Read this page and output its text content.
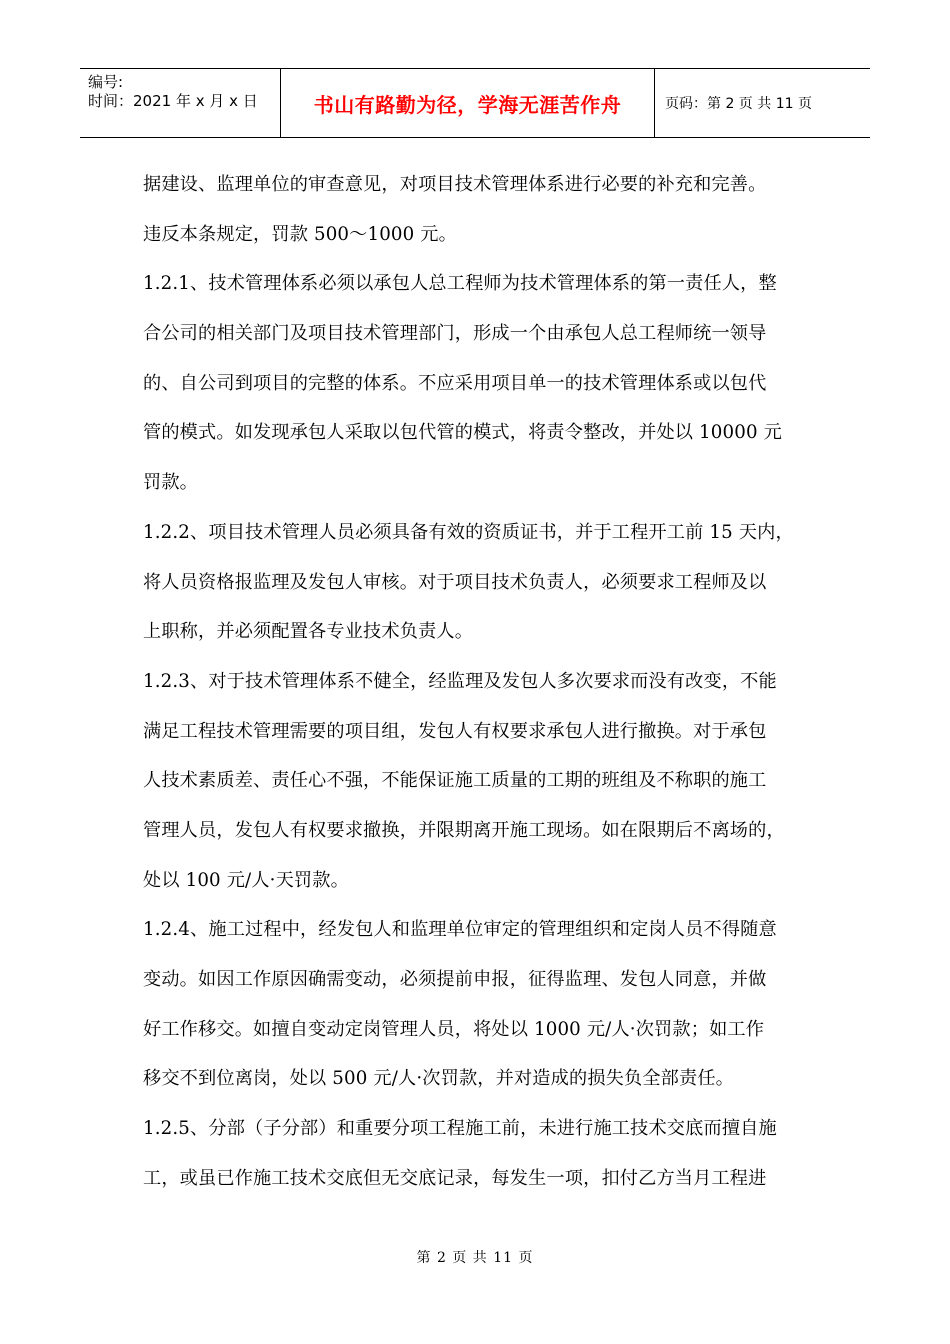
编号:
时间：2021 年 x 月 x 日	书山有路勤为径，学海无涯苦作舟	页码：第 2 页 共 11 页
据建设、监理单位的审查意见，对项目技术管理体系进行必要的补充和完善。
违反本条规定，罚款 500～1000 元。
1.2.1、技术管理体系必须以承包人总工程师为技术管理体系的第一责任人，整
合公司的相关部门及项目技术管理部门，形成一个由承包人总工程师统一领导
的、自公司到项目的完整的体系。不应采用项目单一的技术管理体系或以包代
管的模式。如发现承包人采取以包代管的模式，将责令整改，并处以 10000 元
罚款。
1.2.2、项目技术管理人员必须具备有效的资质证书，并于工程开工前 15 天内，
将人员资格报监理及发包人审核。对于项目技术负责人，必须要求工程师及以
上职称，并必须配置各专业技术负责人。
1.2.3、对于技术管理体系不健全，经监理及发包人多次要求而没有改变，不能
满足工程技术管理需要的项目组，发包人有权要求承包人进行撤换。对于承包
人技术素质差、责任心不强，不能保证施工质量的工期的班组及不称职的施工
管理人员，发包人有权要求撤换，并限期离开施工现场。如在限期后不离场的，
处以 100 元/人·天罚款。
1.2.4、施工过程中，经发包人和监理单位审定的管理组织和定岗人员不得随意
变动。如因工作原因确需变动，必须提前申报，征得监理、发包人同意，并做
好工作移交。如擅自变动定岗管理人员，将处以 1000 元/人·次罚款；如工作
移交不到位离岗，处以 500 元/人·次罚款，并对造成的损失负全部责任。
1.2.5、分部（子分部）和重要分项工程施工前，未进行施工技术交底而擅自施
工，或虽已作施工技术交底但无交底记录，每发生一项，扣付乙方当月工程进
第 2 页 共 11 页
